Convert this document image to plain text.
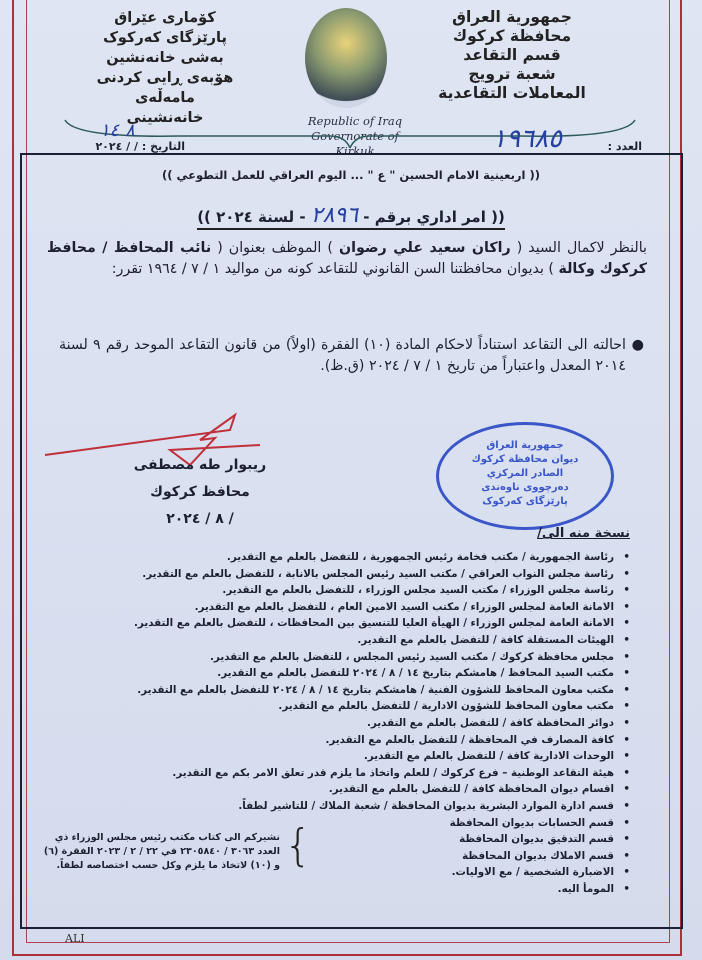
جمهورية العراق
محافظة كركوك
قسم التقاعد
شعبة ترويج
المعاملات التقاعدية
کۆماری عێراق
پارێزگای کەرکوک
بەشی خانەنشین
هۆبەی ڕایی کردنی
مامەڵەی خانەنشینی	Republic of Iraq
Governorate of Kirkuk	العدد :
١٩٦٨٥
التاريخ : / / ٢٠٢٤
٨ ١٤
(( اربعينية الامام الحسين " ع " ... اليوم العراقي للعمل التطوعي ))
(( امر اداري برقم - ٢٨٩٦ - لسنة ٢٠٢٤ ))
بالنظر لاكمال السيد ( راكان سعيد علي رضوان ) الموظف بعنوان ( نائب المحافظ / محافظ كركوك وكالة ) بديوان محافظتنا السن القانوني للتقاعد كونه من مواليد ١ / ٧ / ١٩٦٤ تقرر:
●
احالته الى التقاعد استناداً لاحكام المادة (١٠) الفقرة (اولاً) من قانون التقاعد الموحد رقم ٩ لسنة ٢٠١٤ المعدل واعتباراً من تاريخ ١ / ٧ / ٢٠٢٤ (ق.ظ).
ريبوار طه مصطفى
محافظ كركوك
/ ٨ / ٢٠٢٤
جمهورية العراق
ديوان محافظة كركوك
الصادر المركزي
دەرچووی ناوەندی
پارێزگای کەرکوک
نسخة منه الى/
• رئاسة الجمهورية / مكتب فخامة رئيس الجمهورية ، للتفضل بالعلم مع التقدير.
• رئاسة مجلس النواب العراقي / مكتب السيد رئيس المجلس بالانابة ، للتفضل بالعلم مع التقدير.
• رئاسة مجلس الوزراء / مكتب السيد مجلس الوزراء ، للتفضل بالعلم مع التقدير.
• الامانة العامة لمجلس الوزراء / مكتب السيد الامين العام ، للتفضل بالعلم مع التقدير.
• الامانة العامة لمجلس الوزراء / الهيأة العليا للتنسيق بين المحافظات ، للتفضل بالعلم مع التقدير.
• الهيئات المستقلة كافة / للتفضل بالعلم مع التقدير.
• مجلس محافظة كركوك / مكتب السيد رئيس المجلس ، للتفضل بالعلم مع التقدير.
• مكتب السيد المحافظ / هامشكم بتاريخ ١٤ / ٨ / ٢٠٢٤ للتفضل بالعلم مع التقدير.
• مكتب معاون المحافظ للشؤون الفنية / هامشكم بتاريخ ١٤ / ٨ / ٢٠٢٤ للتفضل بالعلم مع التقدير.
• مكتب معاون المحافظ للشؤون الادارية / للتفضل بالعلم مع التقدير.
• دوائر المحافظة كافة / للتفضل بالعلم مع التقدير.
• كافة المصارف في المحافظة / للتفضل بالعلم مع التقدير.
• الوحدات الادارية كافة / للتفضل بالعلم مع التقدير.
• هيئة التقاعد الوطنية – فرع كركوك / للعلم واتخاذ ما يلزم قدر تعلق الامر بكم مع التقدير.
• اقسام ديوان المحافظة كافة / للتفضل بالعلم مع التقدير.
• قسم ادارة الموارد البشرية بديوان المحافظة / شعبة الملاك / للتاشير لطفاً.
• قسم الحسابات بديوان المحافظة
• قسم التدقيق بديوان المحافظة
• قسم الاملاك بديوان المحافظة
• الاضبارة الشخصية / مع الاوليات.
• المومأ اليه.
{
نشيركم الى كتاب مكتب رئيس مجلس الوزراء ذي العدد ٣٠٦٣ / ٢٣٠٥٨٤٠ في ٢٢ / ٢ / ٢٠٢٣ الفقرة (٦) و (١٠) لاتخاذ ما يلزم وكل حسب اختصاصه لطفاً.
ALI
